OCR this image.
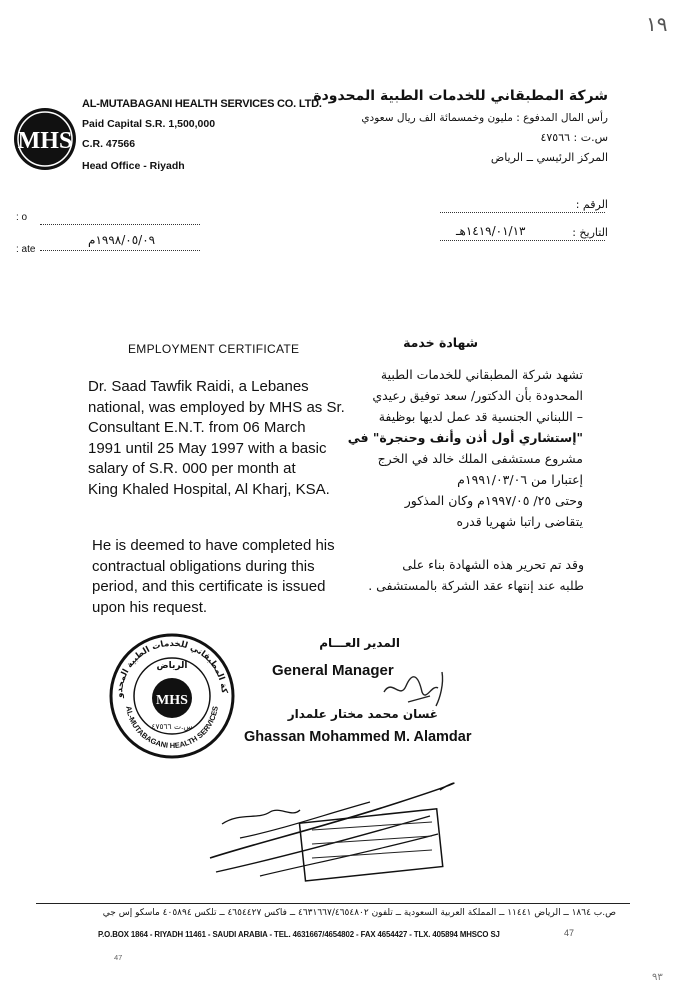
١٩
MHS
AL-MUTABAGANI HEALTH SERVICES CO. LTD.
Paid Capital S.R. 1,500,000
C.R. 47566
Head Office - Riyadh
شركة المطبقاني للخدمات الطبية المحدودة
رأس المال المدفوع : مليون وخمسمائة الف ريال سعودي
س.ت : ٤٧٥٦٦
المركز الرئيسي ــ الرياض
الرقم :
: o
التاريخ :
١٤١٩/٠١/١٣هـ
: ate
١٩٩٨/٠٥/٠٩م
EMPLOYMENT CERTIFICATE	شهادة خدمة
Dr. Saad Tawfik Raidi, a Lebanes
national, was employed by MHS as Sr.
Consultant E.N.T. from 06 March
1991 until 25 May 1997 with a basic
salary of S.R. 000 per month at
King Khaled Hospital, Al Kharj, KSA.
تشهد شركة المطبقاني للخدمات الطبية
المحدودة بأن الدكتور/ سعد توفيق رعيدي
– اللبناني الجنسية قد عمل لديها بوظيفة
"إستشاري أول أذن وأنف وحنجرة" في
مشروع مستشفى الملك خالد في الخرج
إعتبارا من ١٩٩١/٠٣/٠٦م
وحتى ٢٥/ ١٩٩٧/٠٥م وكان المذكور
يتقاضى راتبا شهريا قدره
He is deemed to have completed his
contractual obligations during this
period, and this certificate is issued
upon his request.
وقد تم تحرير هذه الشهادة بناء على
طلبه عند إنتهاء عقد الشركة بالمستشفى .
المدير العـــام
General Manager
غسان محمد مختار علمدار
Ghassan Mohammed M. Alamdar
كة المطبقاني للخدمات الطبية المحدو
AL-MUTABAGANI HEALTH SERVICES
الرياض
MHS
س.ت ٤٧٥٦٦
ص.ب ١٨٦٤ ــ الرياض ١١٤٤١ ــ المملكة العربية السعودية ــ تلفون ٤٦٣١٦٦٧/٤٦٥٤٨٠٢ ــ فاكس ٤٦٥٤٤٢٧ ــ تلكس ٤٠٥٨٩٤ ماسكو إس جي
P.O.BOX 1864 - RIYADH 11461 - SAUDI ARABIA - TEL. 4631667/4654802 - FAX 4654427 - TLX. 405894 MHSCO SJ	47
47
٩٣
